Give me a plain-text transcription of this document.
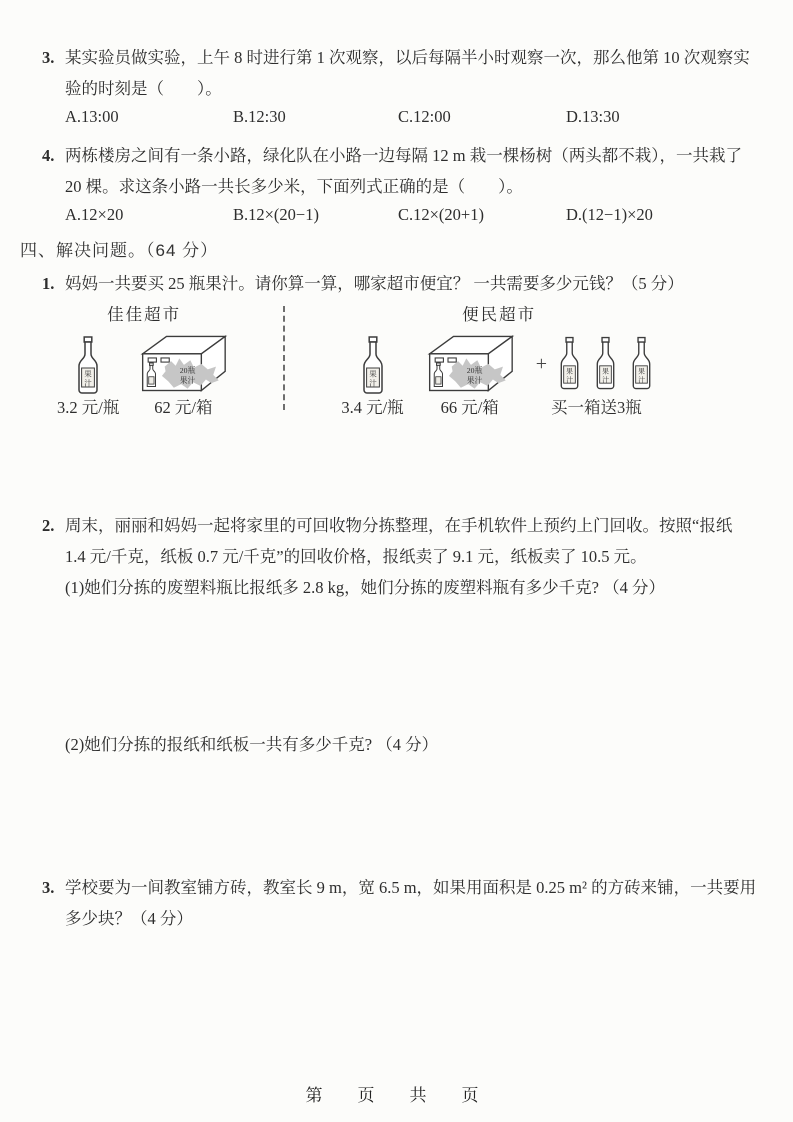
3. 某实验员做实验，上午 8 时进行第 1 次观察，以后每隔半小时观察一次，那么他第 10 次观察实
验的时刻是（　　）。
A.13:00	B.12:30	C.12:00	D.13:30
4. 两栋楼房之间有一条小路，绿化队在小路一边每隔 12 m 栽一棵杨树（两头都不栽），一共栽了
20 棵。求这条小路一共长多少米，下面列式正确的是（　　）。
A.12×20	B.12×(20−1)	C.12×(20+1)	D.(12−1)×20
四、解决问题。（64 分）
1. 妈妈一共要买 25 瓶果汁。请你算一算，哪家超市便宜？ 一共需要多少元钱？（5 分）
佳佳超市
果
汁
3.2 元/瓶
20瓶
果汁
62 元/箱
便民超市
果
汁
3.4 元/瓶
20瓶
果汁
66 元/箱
+	果
汁
果
汁
果
汁
买一箱送3瓶
2. 周末，丽丽和妈妈一起将家里的可回收物分拣整理，在手机软件上预约上门回收。按照“报纸
1.4 元/千克，纸板 0.7 元/千克”的回收价格，报纸卖了 9.1 元，纸板卖了 10.5 元。
(1)她们分拣的废塑料瓶比报纸多 2.8 kg，她们分拣的废塑料瓶有多少千克? （4 分）
(2)她们分拣的报纸和纸板一共有多少千克? （4 分）
3. 学校要为一间教室铺方砖，教室长 9 m，宽 6.5 m，如果用面积是 0.25 m² 的方砖来铺，一共要用
多少块？（4 分）
第　页　共　页
